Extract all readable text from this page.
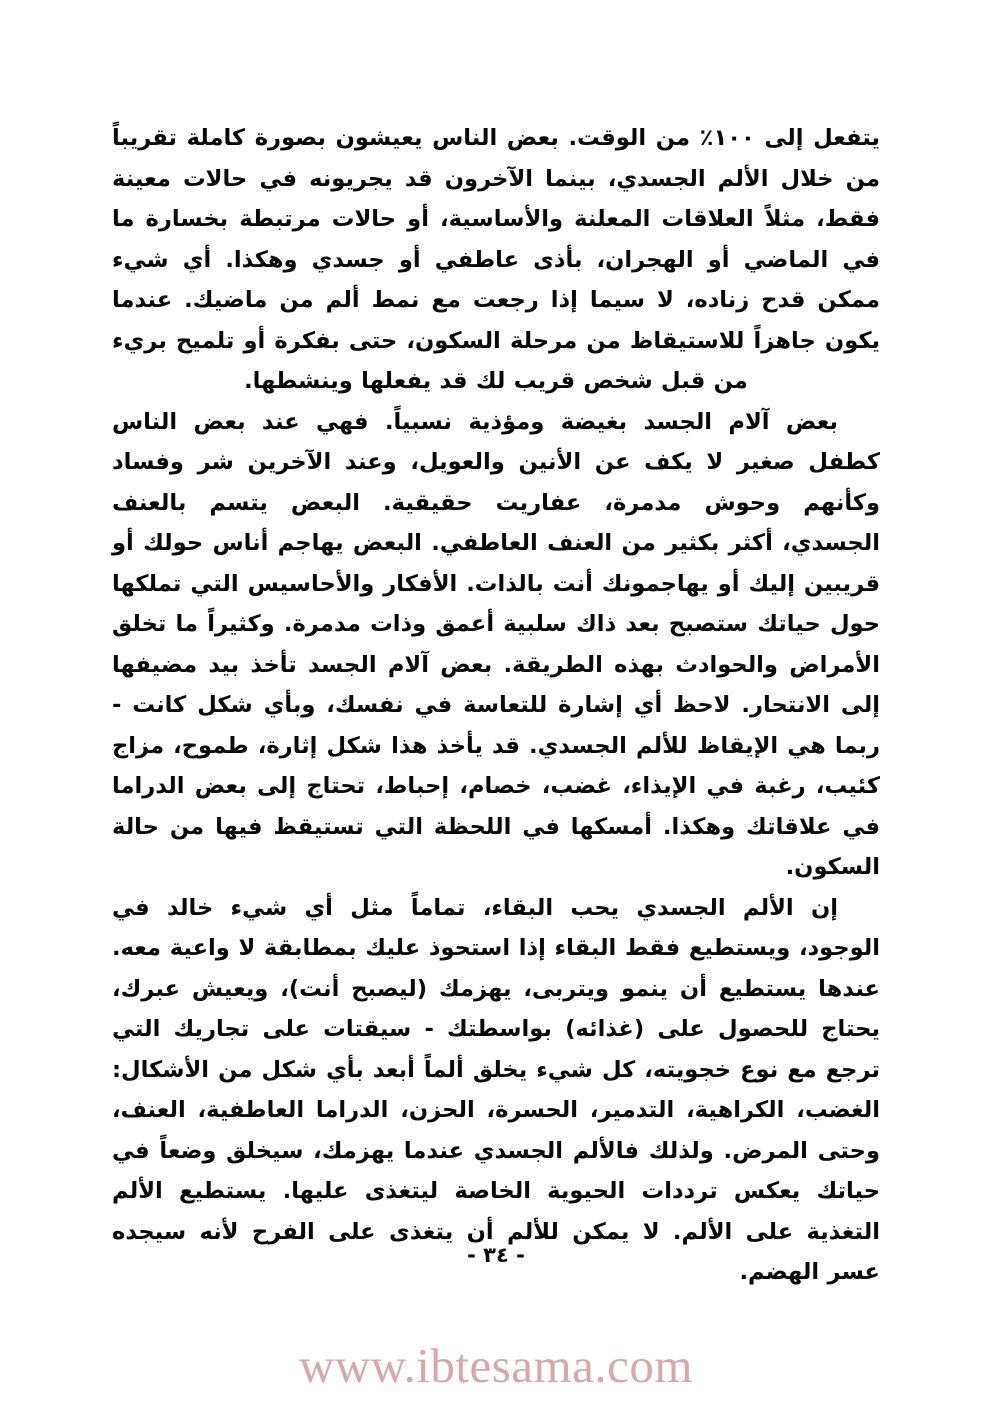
يتفعل إلى ١٠٠٪ من الوقت. بعض الناس يعيشون بصورة كاملة تقريباً من خلال الألم الجسدي، بينما الآخرون قد يجريونه في حالات معينة فقط، مثلاً العلاقات المعلنة والأساسية، أو حالات مرتبطة بخسارة ما في الماضي أو الهجران، بأذى عاطفي أو جسدي وهكذا. أي شيء ممكن قدح زناده، لا سيما إذا رجعت مع نمط ألم من ماضيك. عندما يكون جاهزاً للاستيقاظ من مرحلة السكون، حتى بفكرة أو تلميح بريء من قبل شخص قريب لك قد يفعلها وينشطها.

بعض آلام الجسد بغيضة ومؤذية نسبياً. فهي عند بعض الناس كطفل صغير لا يكف عن الأنين والعويل، وعند الآخرين شر وفساد وكأنهم وحوش مدمرة، عفاريت حقيقية. البعض يتسم بالعنف الجسدي، أكثر بكثير من العنف العاطفي. البعض يهاجم أناس حولك أو قريبين إليك أو يهاجمونك أنت بالذات. الأفكار والأحاسيس التي تملكها حول حياتك ستصبح بعد ذاك سلبية أعمق وذات مدمرة. وكثيراً ما تخلق الأمراض والحوادث بهذه الطريقة. بعض آلام الجسد تأخذ بيد مضيفها إلى الانتحار. لاحظ أي إشارة للتعاسة في نفسك، وبأي شكل كانت - ربما هي الإيقاظ للألم الجسدي. قد يأخذ هذا شكل إثارة، طموح، مزاج كئيب، رغبة في الإيذاء، غضب، خصام، إحباط، تحتاج إلى بعض الدراما في علاقاتك وهكذا. أمسكها في اللحظة التي تستيقظ فيها من حالة السكون.

إن الألم الجسدي يحب البقاء، تماماً مثل أي شيء خالد في الوجود، ويستطيع فقط البقاء إذا استحوذ عليك بمطابقة لا واعية معه. عندها يستطيع أن ينمو ويتربى، يهزمك (ليصبح أنت)، ويعيش عبرك، يحتاج للحصول على (غذائه) بواسطتك - سيقتات على تجاريك التي ترجع مع نوع خجويته، كل شيء يخلق ألماً أبعد بأي شكل من الأشكال: الغضب، الكراهية، التدمير، الحسرة، الحزن، الدراما العاطفية، العنف، وحتى المرض. ولذلك فالألم الجسدي عندما يهزمك، سيخلق وضعاً في حياتك يعكس ترددات الحيوية الخاصة ليتغذى عليها. يستطيع الألم التغذية على الألم. لا يمكن للألم أن يتغذى على الفرح لأنه سيجده عسر الهضم.

- ٣٤ -
www.ibtesama.com
